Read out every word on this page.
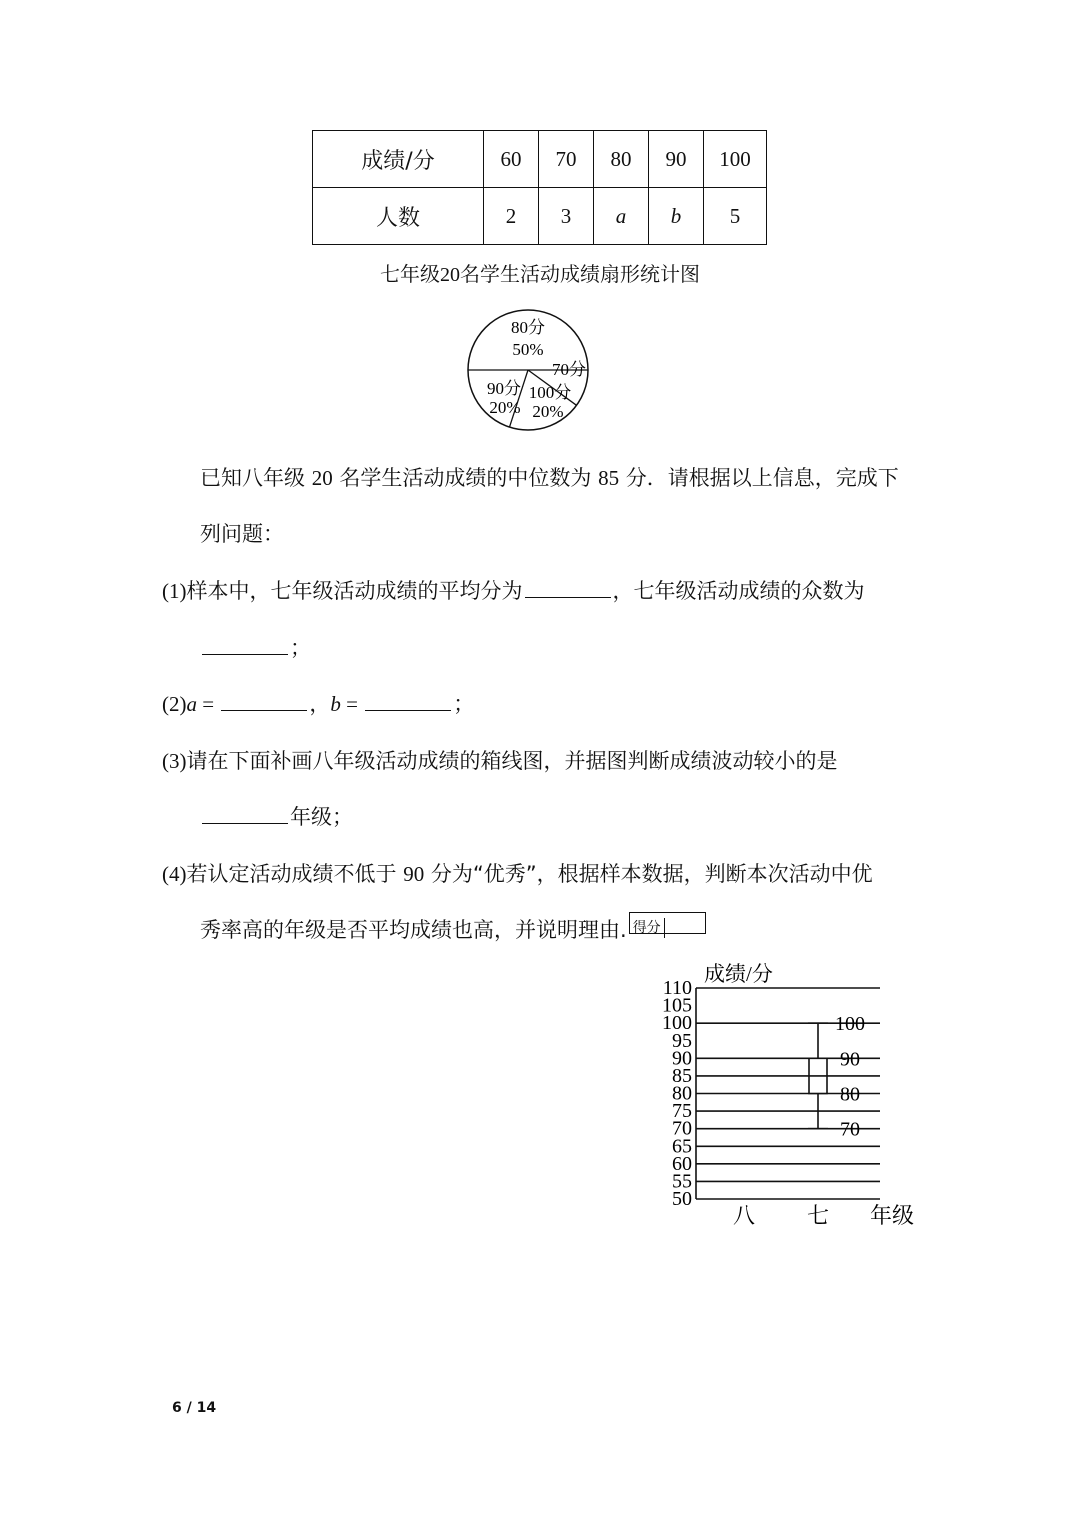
成绩/分	60	70	80	90	100
人数	2	3	a	b	5
七年级20名学生活动成绩扇形统计图
80分
50%
70分
100分
20%
90分
20%
已知八年级 20 名学生活动成绩的中位数为 85 分．请根据以上信息，完成下
列问题：
(1)样本中，七年级活动成绩的平均分为	，七年级活动成绩的众数为
；
(2)a =	，b =	；
(3)请在下面补画八年级活动成绩的箱线图，并据图判断成绩波动较小的是
年级；
(4)若认定活动成绩不低于 90 分为“优秀”，根据样本数据，判断本次活动中优
秀率高的年级是否平均成绩也高，并说明理由. 得分
成绩/分
110
105
100
95
90
85
80
75
70
65
60
55
50
八 七 年级
100
90
80
70
6 / 14
